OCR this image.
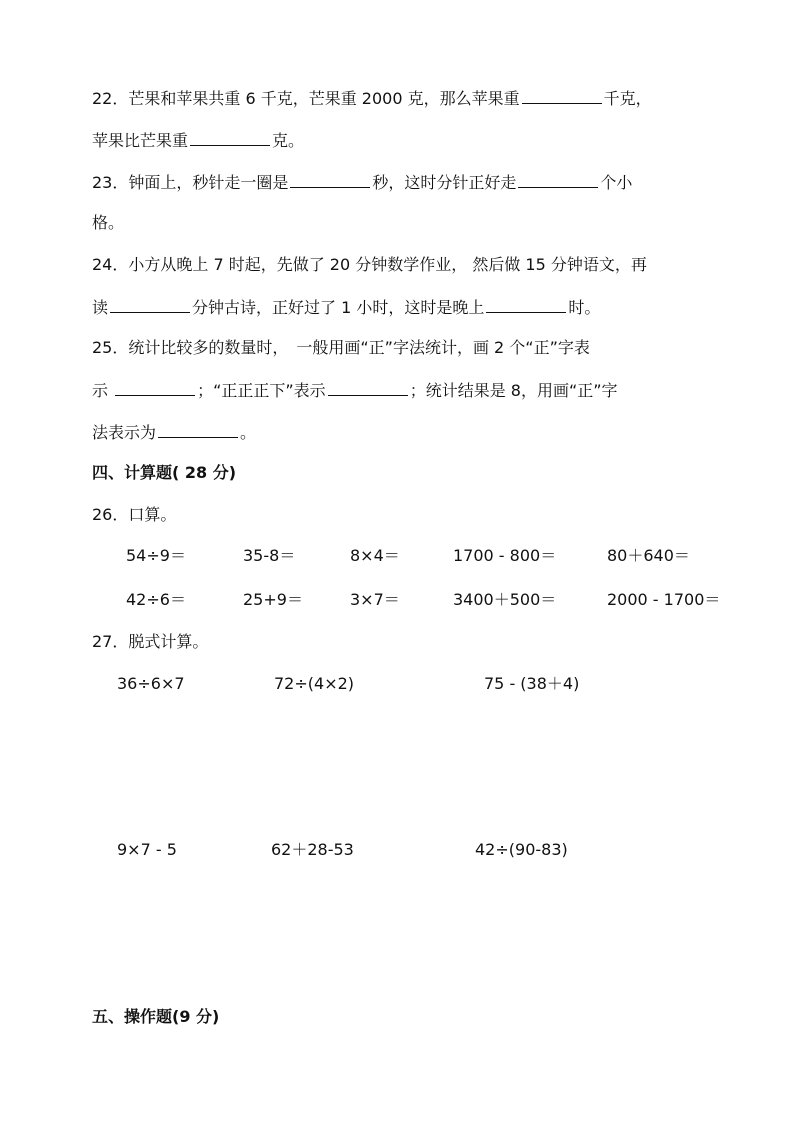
22．芒果和苹果共重 6 千克，芒果重 2000 克，那么苹果重	千克，
苹果比芒果重	克。
23．钟面上，秒针走一圈是	秒，这时分针正好走	个小
格。
24．小方从晚上 7 时起，先做了 20 分钟数学作业， 然后做 15 分钟语文，再
读	分钟古诗，正好过了 1 小时，这时是晚上	时。
25．统计比较多的数量时，　一般用画“正”字法统计，画 2 个“正”字表
示	；“正正正下”表示	；统计结果是 8，用画“正”字
法表示为	。
四、计算题( 28 分)
26．口算。
54÷9＝	35-8＝	8×4＝	1700 - 800＝	80＋640＝
42÷6＝	25+9＝	3×7＝	3400＋500＝	2000 - 1700＝
27．脱式计算。
36÷6×7	72÷(4×2)	75 - (38＋4)
9×7 - 5	62＋28-53	42÷(90-83)
五、操作题(9 分)
